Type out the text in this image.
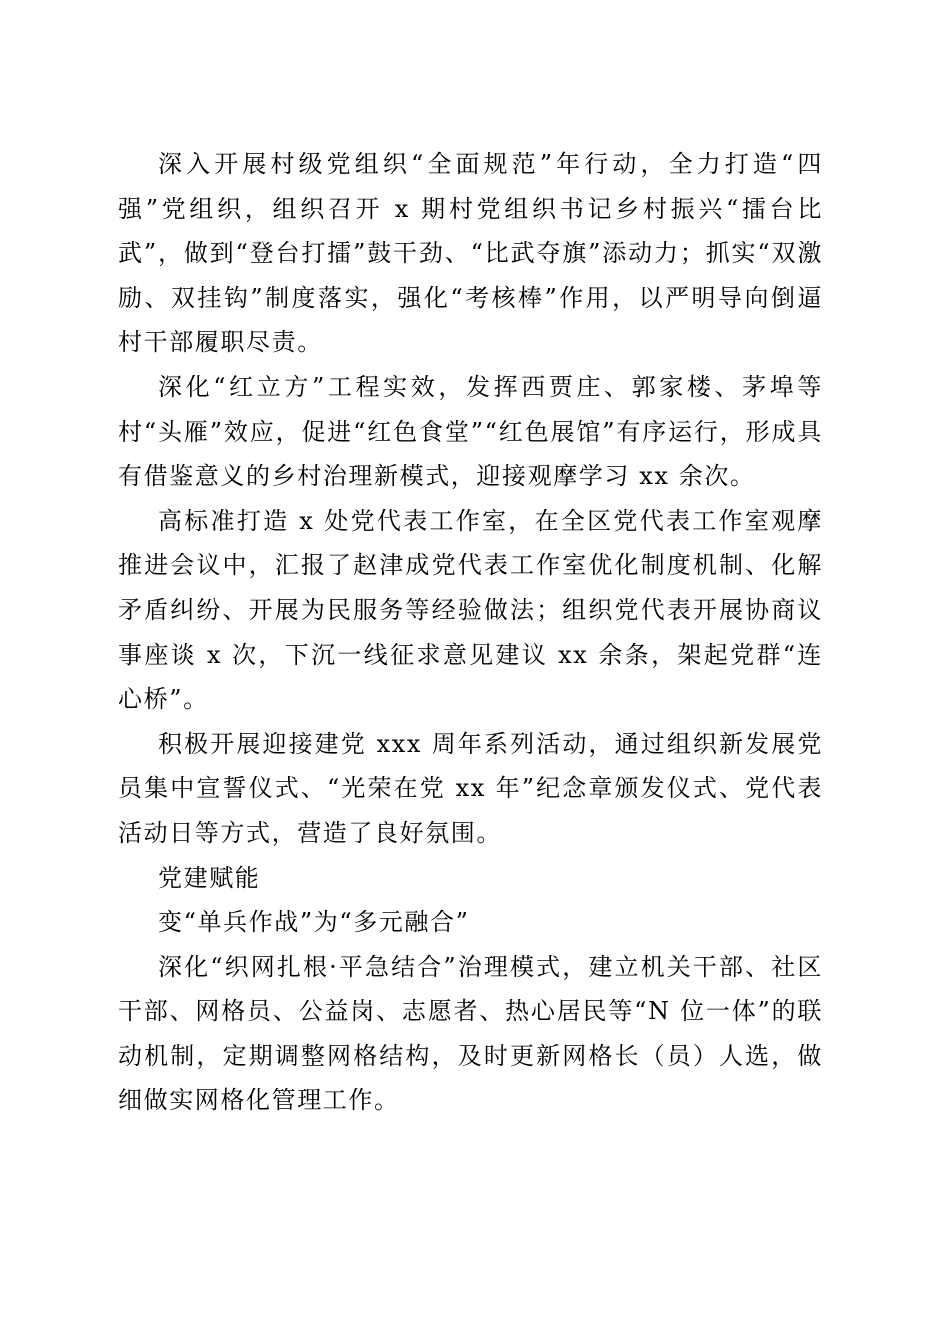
深入开展村级党组织“全面规范”年行动，全力打造“四强”党组织，组织召开 x 期村党组织书记乡村振兴“擂台比武”，做到“登台打擂”鼓干劲、“比武夺旗”添动力；抓实“双激励、双挂钩”制度落实，强化“考核棒”作用，以严明导向倒逼村干部履职尽责。

深化“红立方”工程实效，发挥西贾庄、郭家楼、茅埠等村“头雁”效应，促进“红色食堂”“红色展馆”有序运行，形成具有借鉴意义的乡村治理新模式，迎接观摩学习 xx 余次。

高标准打造 x 处党代表工作室，在全区党代表工作室观摩推进会议中，汇报了赵津成党代表工作室优化制度机制、化解矛盾纠纷、开展为民服务等经验做法；组织党代表开展协商议事座谈 x 次，下沉一线征求意见建议 xx 余条，架起党群“连心桥”。

积极开展迎接建党 xxx 周年系列活动，通过组织新发展党员集中宣誓仪式、“光荣在党 xx 年”纪念章颁发仪式、党代表活动日等方式，营造了良好氛围。

党建赋能

变“单兵作战”为“多元融合”

深化“织网扎根·平急结合”治理模式，建立机关干部、社区干部、网格员、公益岗、志愿者、热心居民等“N 位一体”的联动机制，定期调整网格结构，及时更新网格长（员）人选，做细做实网格化管理工作。
